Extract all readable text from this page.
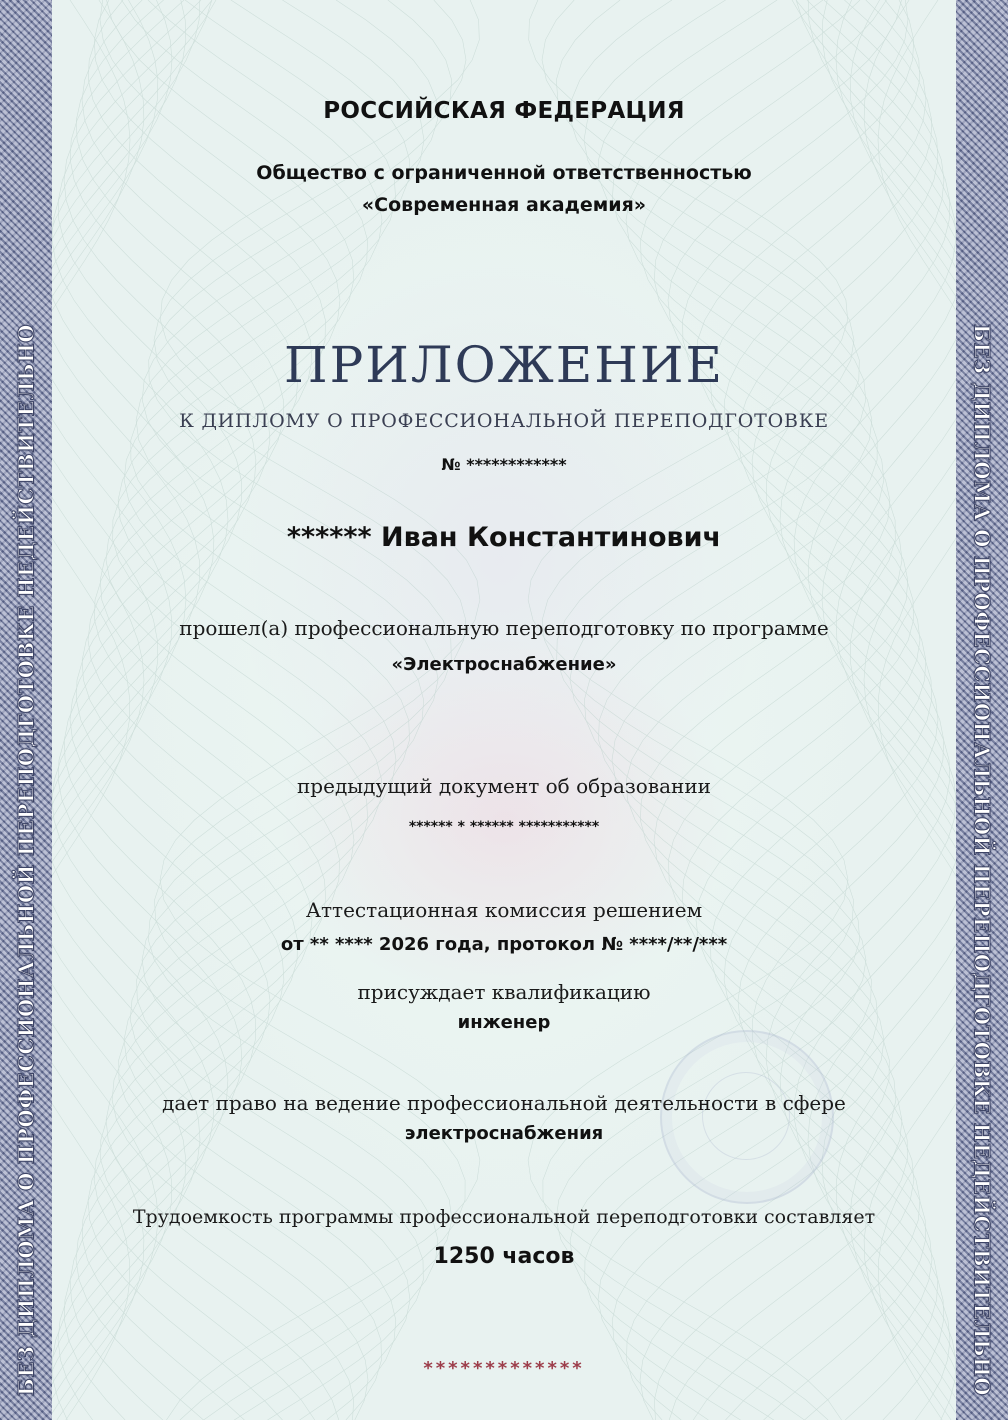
БЕЗ ДИПЛОМА О ПРОФЕССИОНАЛЬНОЙ ПЕРЕПОДГОТОВКЕ НЕДЕЙСТВИТЕЛЬНО	БЕЗ ДИПЛОМА О ПРОФЕССИОНАЛЬНОЙ ПЕРЕПОДГОТОВКЕ НЕДЕЙСТВИТЕЛЬНО
РОССИЙСКАЯ ФЕДЕРАЦИЯ
Общество с ограниченной ответственностью
«Современная академия»
ПРИЛОЖЕНИЕ
К ДИПЛОМУ О ПРОФЕССИОНАЛЬНОЙ ПЕРЕПОДГОТОВКЕ
№ ************
****** Иван Константинович
прошел(а) профессиональную переподготовку по программе
«Электроснабжение»
предыдущий документ об образовании
****** * ****** ***********
Аттестационная комиссия решением
от ** **** 2026 года, протокол № ****/**/***
присуждает квалификацию
инженер
дает право на ведение профессиональной деятельности в сфере
электроснабжения
Трудоемкость программы профессиональной переподготовки составляет
1250 часов
*************
